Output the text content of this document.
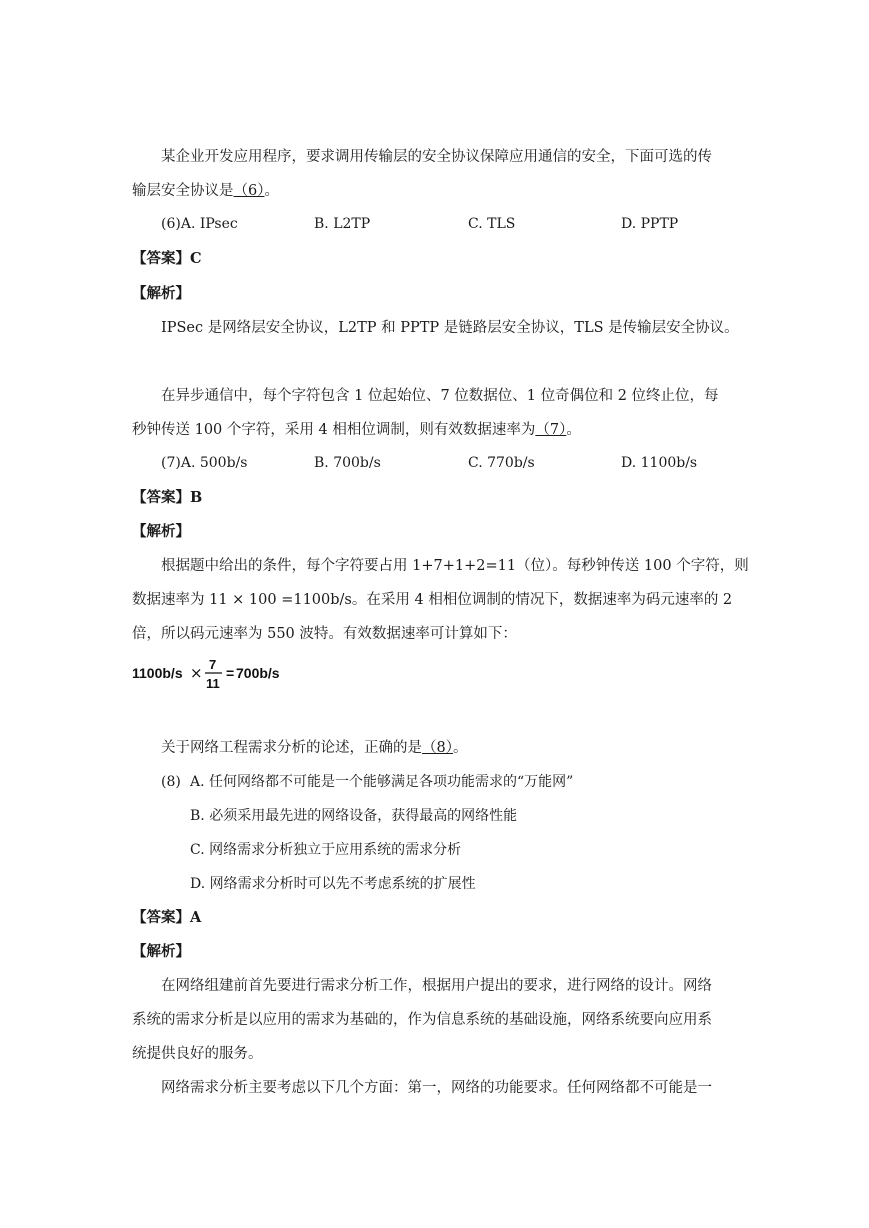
某企业开发应用程序，要求调用传输层的安全协议保障应用通信的安全，下面可选的传
输层安全协议是（6）。
(6)A. IPsec	B. L2TP	C. TLS	D. PPTP
【答案】C
【解析】
IPSec 是网络层安全协议，L2TP 和 PPTP 是链路层安全协议，TLS 是传输层安全协议。
在异步通信中，每个字符包含 1 位起始位、7 位数据位、1 位奇偶位和 2 位终止位，每
秒钟传送 100 个字符，采用 4 相相位调制，则有效数据速率为（7）。
(7)A. 500b/s	B. 700b/s	C. 770b/s	D. 1100b/s
【答案】B
【解析】
根据题中给出的条件，每个字符要占用 1+7+1+2=11（位）。每秒钟传送 100 个字符，则
数据速率为 11 × 100 =1100b/s。在采用 4 相相位调制的情况下，数据速率为码元速率的 2
倍，所以码元速率为 550 波特。有效数据速率可计算如下：
1100b/s × 7
11
= 700b/s
关于网络工程需求分析的论述，正确的是（8）。
(8) A. 任何网络都不可能是一个能够满足各项功能需求的“万能网”
B. 必须采用最先进的网络设备，获得最高的网络性能
C. 网络需求分析独立于应用系统的需求分析
D. 网络需求分析时可以先不考虑系统的扩展性
【答案】A
【解析】
在网络组建前首先要进行需求分析工作，根据用户提出的要求，进行网络的设计。网络
系统的需求分析是以应用的需求为基础的，作为信息系统的基础设施，网络系统要向应用系
统提供良好的服务。
网络需求分析主要考虑以下几个方面：第一，网络的功能要求。任何网络都不可能是一
